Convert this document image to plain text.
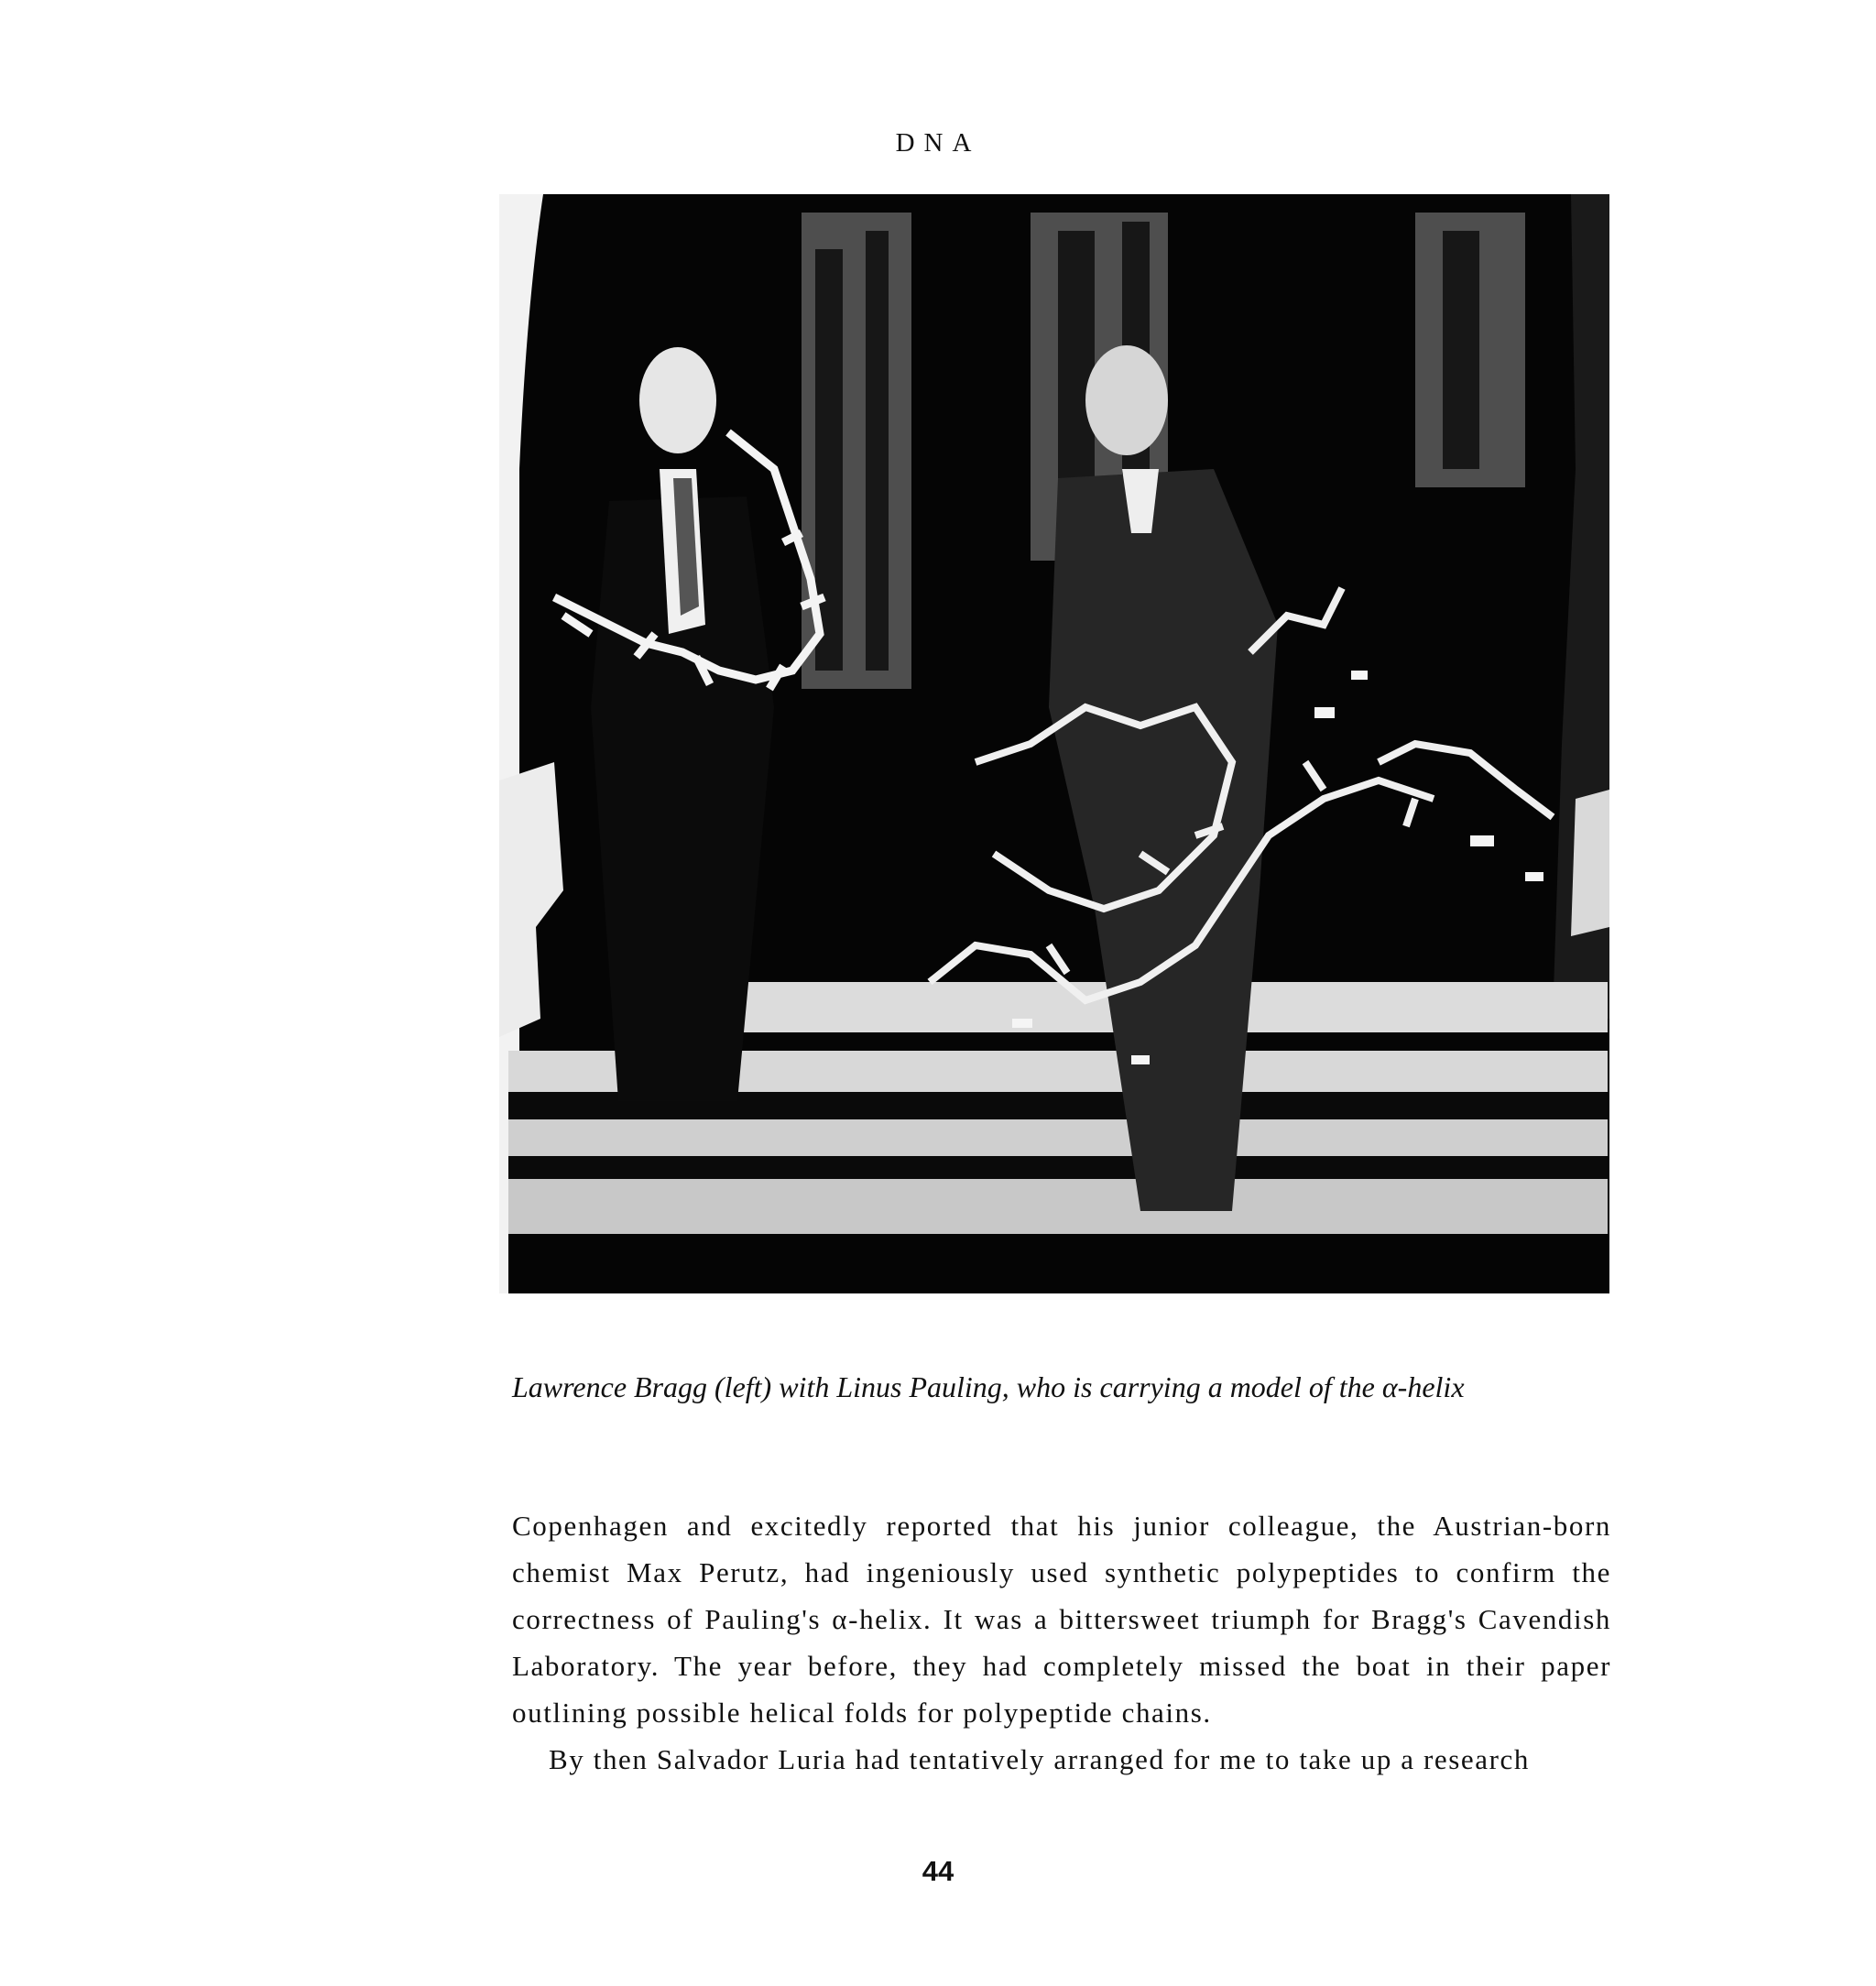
DNA
Lawrence Bragg (left) with Linus Pauling, who is carrying a model of the α-helix

Copenhagen and excitedly reported that his junior colleague, the Austrian-born chemist Max Perutz, had ingeniously used synthetic polypeptides to confirm the correctness of Pauling's α-helix. It was a bittersweet triumph for Bragg's Cavendish Laboratory. The year before, they had completely missed the boat in their paper outlining possible helical folds for polypeptide chains.

By then Salvador Luria had tentatively arranged for me to take up a research

44
